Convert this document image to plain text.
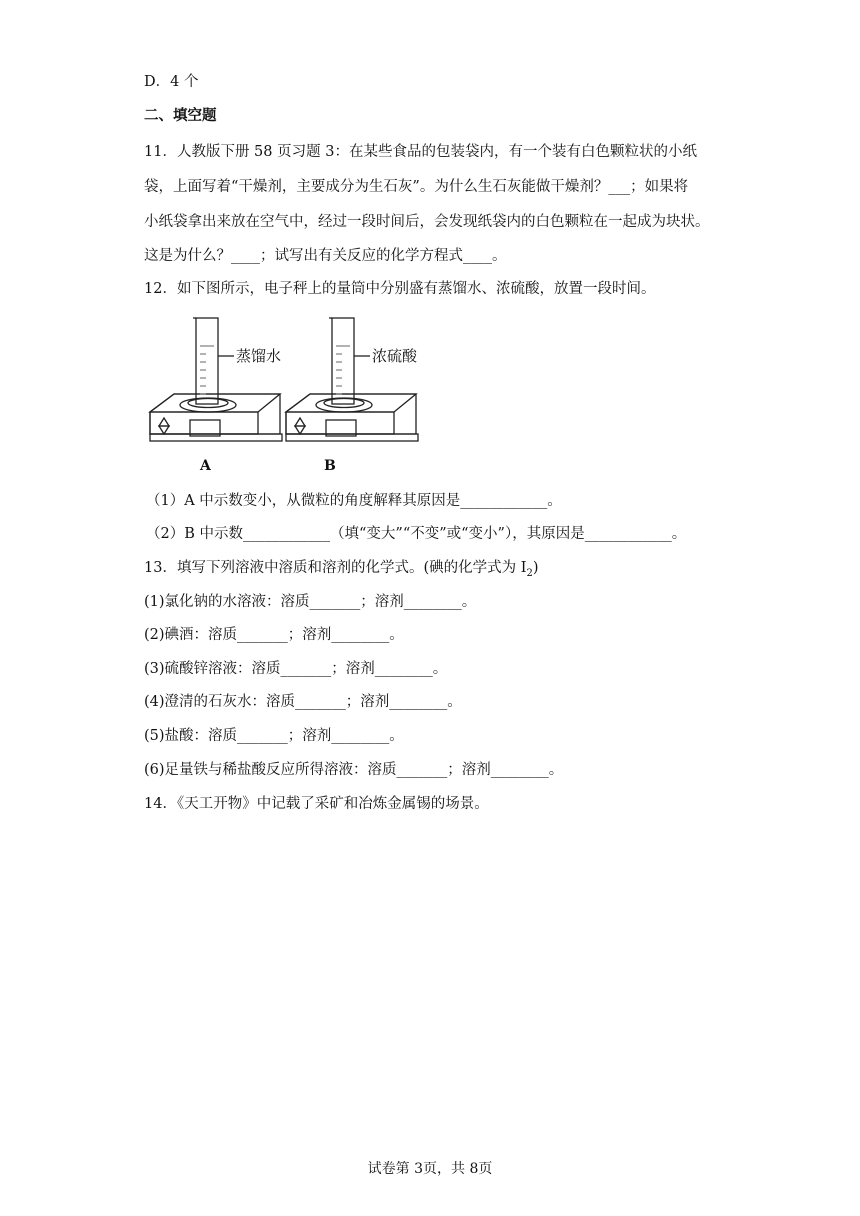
D．4 个
二、填空题
11．人教版下册 58 页习题 3：在某些食品的包装袋内，有一个装有白色颗粒状的小纸
袋，上面写着“干燥剂，主要成分为生石灰”。为什么生石灰能做干燥剂？___；如果将
小纸袋拿出来放在空气中，经过一段时间后，会发现纸袋内的白色颗粒在一起成为块状。
这是为什么？____；试写出有关反应的化学方程式____。
12．如下图所示，电子秤上的量筒中分别盛有蒸馏水、浓硫酸，放置一段时间。
蒸馏水	浓硫酸
A	B
（1）A 中示数变小，从微粒的角度解释其原因是____________。
（2）B 中示数____________（填“变大”“不变”或“变小”），其原因是____________。
13．填写下列溶液中溶质和溶剂的化学式。(碘的化学式为 $I_2$)
(1)氯化钠的水溶液：溶质_______；溶剂________。
(2)碘酒：溶质_______；溶剂________。
(3)硫酸锌溶液：溶质_______；溶剂________。
(4)澄清的石灰水：溶质_______；溶剂________。
(5)盐酸：溶质_______；溶剂________。
(6)足量铁与稀盐酸反应所得溶液：溶质_______；溶剂________。
14．《天工开物》中记载了采矿和冶炼金属锡的场景。
试卷第 3页，共 8页
